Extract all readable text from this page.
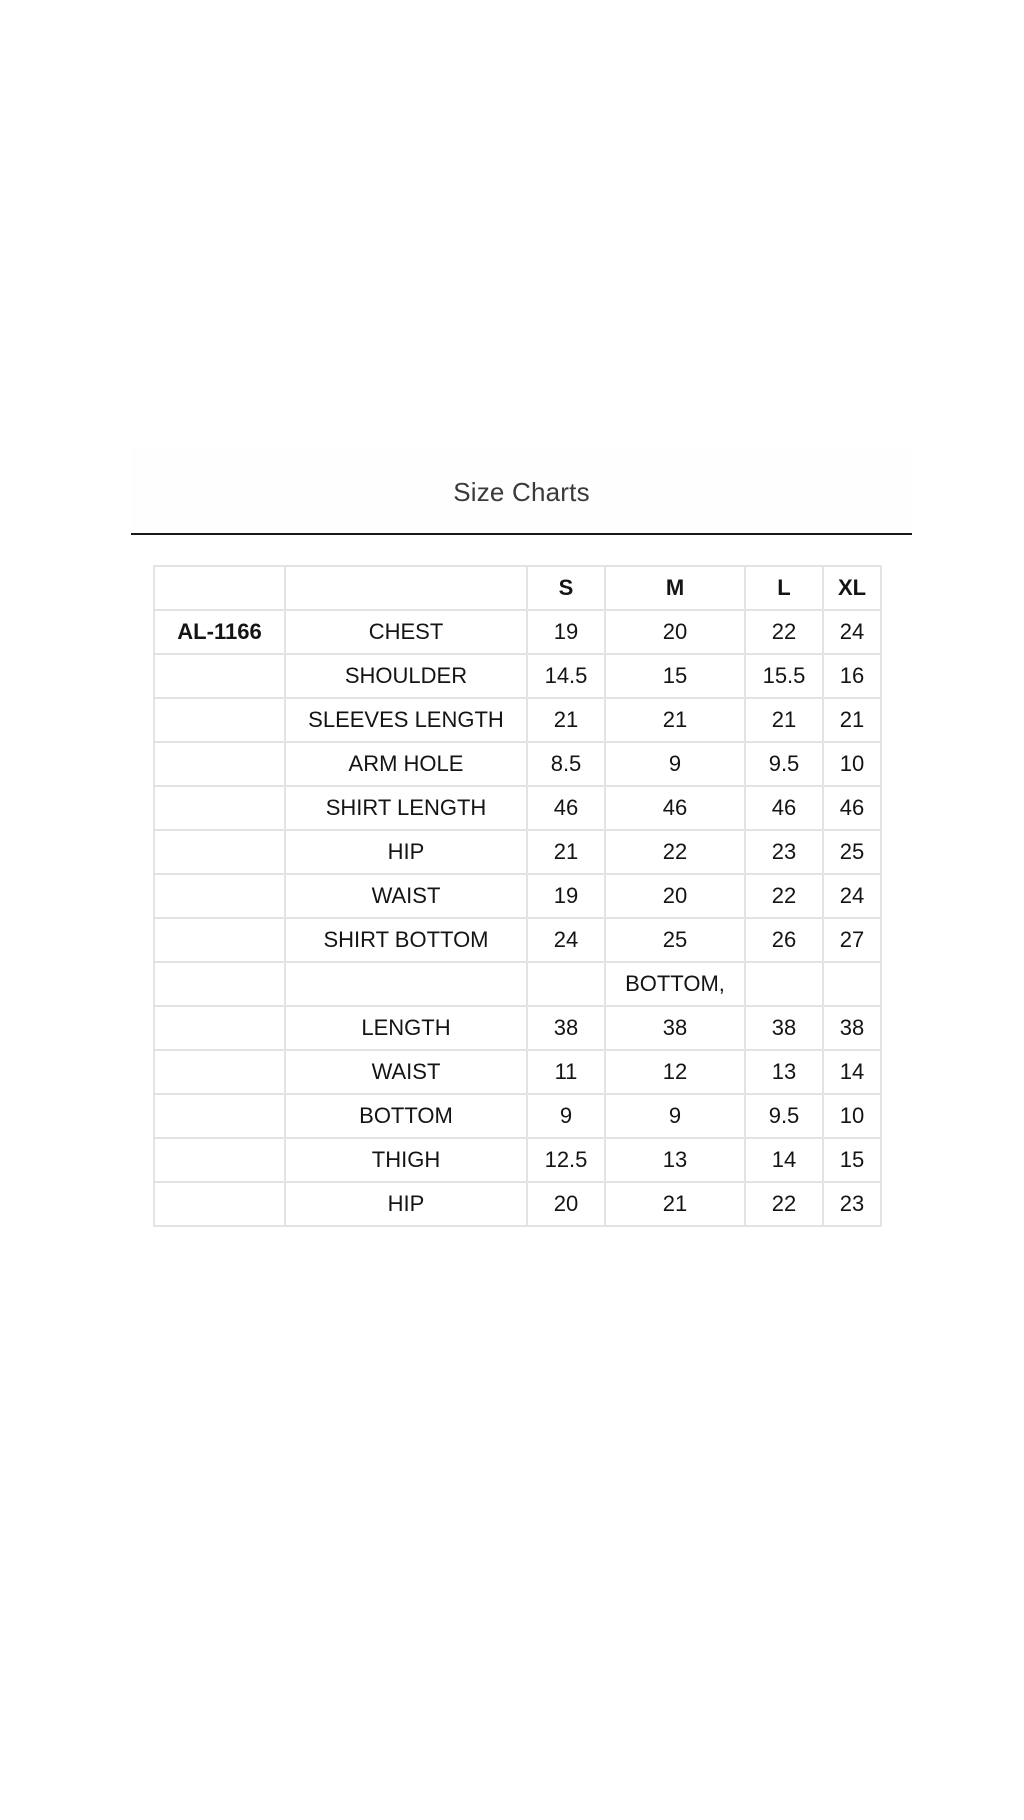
Size Charts
		S	M	L	XL
AL-1166	CHEST	19	20	22	24
	SHOULDER	14.5	15	15.5	16
	SLEEVES LENGTH	21	21	21	21
	ARM HOLE	8.5	9	9.5	10
	SHIRT LENGTH	46	46	46	46
	HIP	21	22	23	25
	WAIST	19	20	22	24
	SHIRT BOTTOM	24	25	26	27
			BOTTOM,		
	LENGTH	38	38	38	38
	WAIST	11	12	13	14
	BOTTOM	9	9	9.5	10
	THIGH	12.5	13	14	15
	HIP	20	21	22	23
